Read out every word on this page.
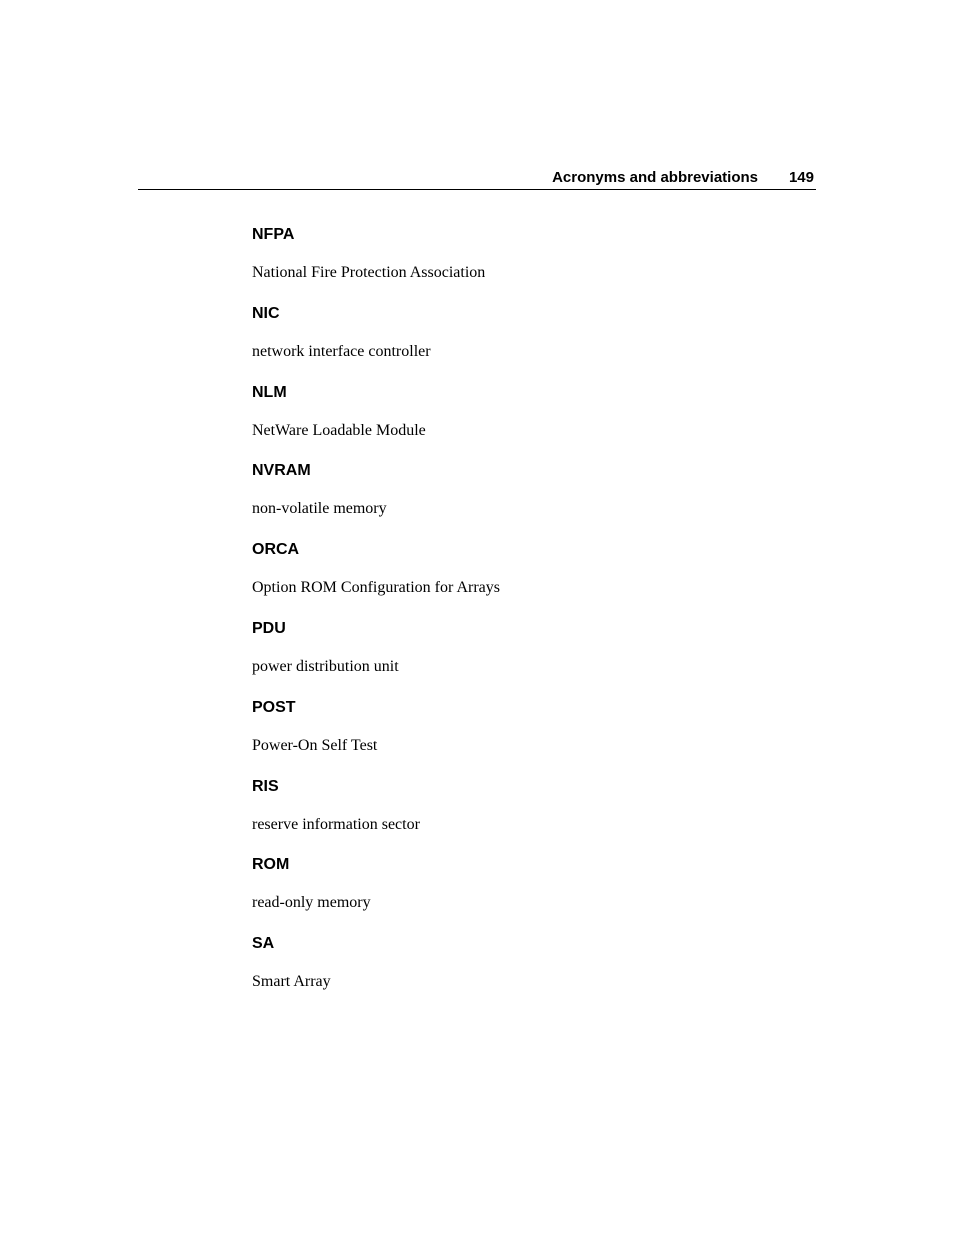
Acronyms and abbreviations 149

NFPA

National Fire Protection Association

NIC

network interface controller

NLM

NetWare Loadable Module

NVRAM

non-volatile memory

ORCA

Option ROM Configuration for Arrays

PDU

power distribution unit

POST

Power-On Self Test

RIS

reserve information sector

ROM

read-only memory

SA

Smart Array
